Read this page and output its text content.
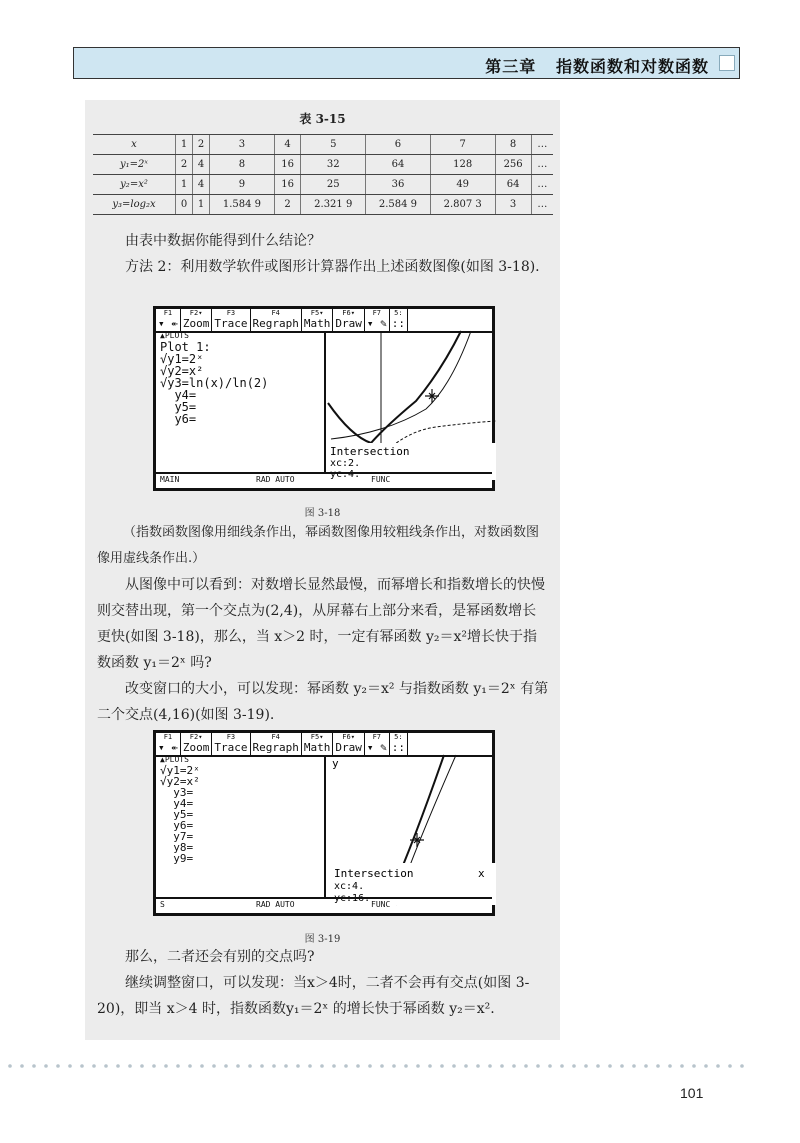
第三章 指数函数和对数函数
表 3-15
x	1	2	3	4	5	6	7	8	…
y₁=2ˣ	2	4	8	16	32	64	128	256	…
y₂=x²	1	4	9	16	25	36	49	64	…
y₃=log₂x	0	1	1.584 9	2	2.321 9	2.584 9	2.807 3	3	…

由表中数据你能得到什么结论？

方法 2：利用数学软件或图形计算器作出上述函数图像(如图 3-18).

F1
▾ ↞
F2▾
Zoom
F3
Trace
F4
Regraph
F5▾
Math
F6▾
Draw
F7
▾ ✎
5:
::
▲PLOTS
Plot 1:
√y1=2ˣ
√y2=x²
√y3=ln(x)/ln(2)
y4=
y5=
y6=
Intersection
xc:2.
yc:4.
MAIN	RAD AUTO	FUNC
图 3-18

（指数函数图像用细线条作出，幂函数图像用较粗线条作出，对数函数图像用虚线条作出.）

从图像中可以看到：对数增长显然最慢，而幂增长和指数增长的快慢则交替出现，第一个交点为(2,4)，从屏幕右上部分来看，是幂函数增长更快(如图 3-18)，那么，当 x＞2 时，一定有幂函数 y₂＝x²增长快于指数函数 y₁＝2ˣ 吗?

改变窗口的大小，可以发现：幂函数 y₂＝x² 与指数函数 y₁＝2ˣ 有第二个交点(4,16)(如图 3-19).

F1
▾ ↞
F2▾
Zoom
F3
Trace
F4
Regraph
F5▾
Math
F6▾
Draw
F7
▾ ✎
5:
::
▲PLOTS
√y1=2ˣ
√y2=x²
y3=
y4=
y5=
y6=
y7=
y8=
y9=
y
Intersection	x
xc:4.
yc:16.
S	RAD AUTO	FUNC
图 3-19

那么，二者还会有别的交点吗?

继续调整窗口，可以发现：当x＞4时，二者不会再有交点(如图 3-20)，即当 x＞4 时，指数函数y₁＝2ˣ 的增长快于幂函数 y₂＝x².

101
